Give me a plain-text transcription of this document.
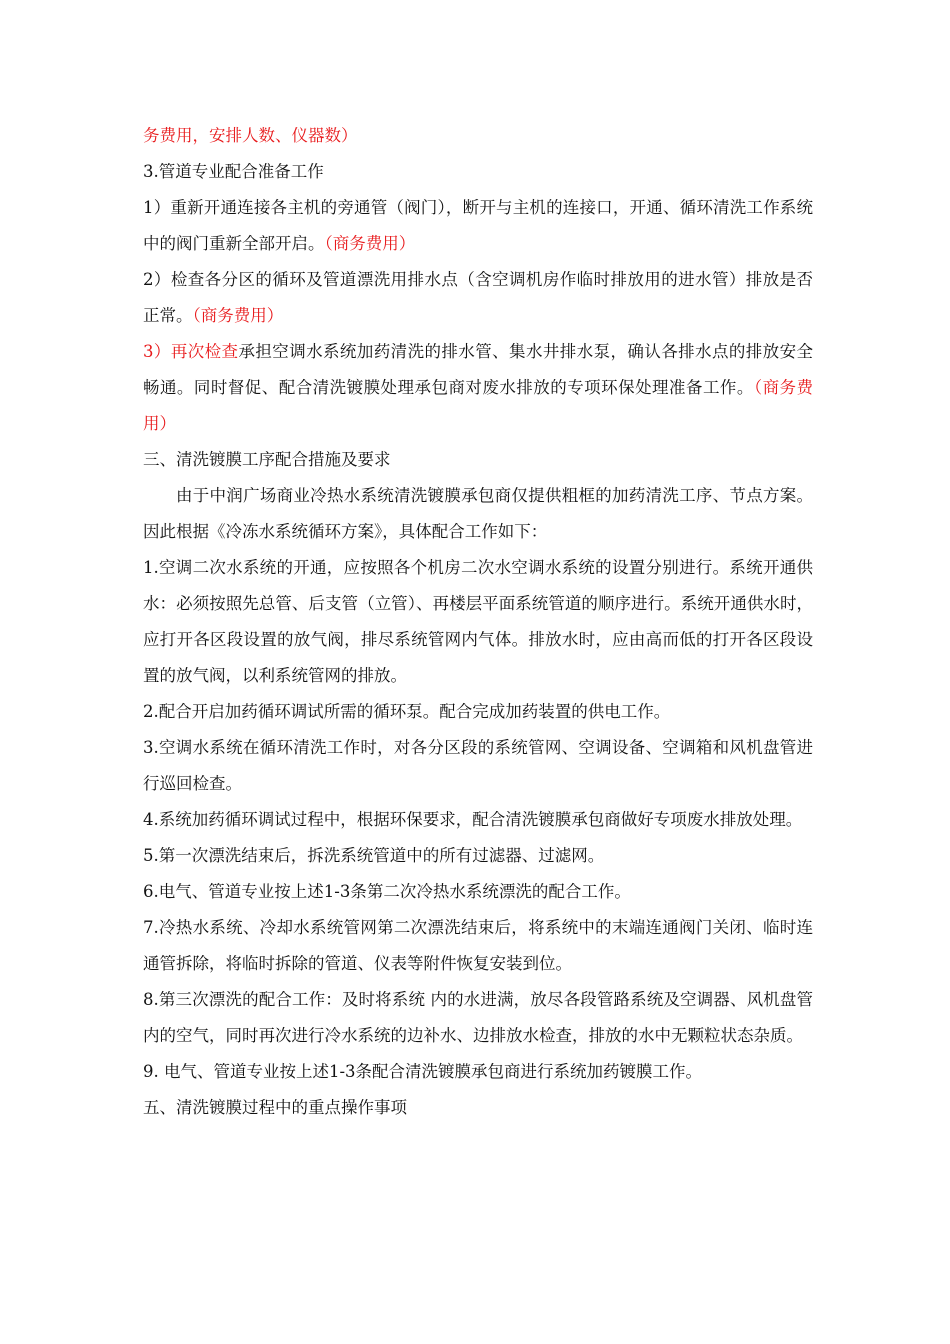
务费用，安排人数、仪器数）

3.管道专业配合准备工作

1）重新开通连接各主机的旁通管（阀门），断开与主机的连接口，开通、循环清洗工作系统中的阀门重新全部开启。（商务费用）

2）检查各分区的循环及管道漂洗用排水点（含空调机房作临时排放用的进水管）排放是否正常。（商务费用）

3）再次检查承担空调水系统加药清洗的排水管、集水井排水泵，确认各排水点的排放安全畅通。同时督促、配合清洗镀膜处理承包商对废水排放的专项环保处理准备工作。（商务费用）

三、清洗镀膜工序配合措施及要求

由于中润广场商业冷热水系统清洗镀膜承包商仅提供粗框的加药清洗工序、节点方案。因此根据《冷冻水系统循环方案》，具体配合工作如下：

1.空调二次水系统的开通，应按照各个机房二次水空调水系统的设置分别进行。系统开通供水：必须按照先总管、后支管（立管）、再楼层平面系统管道的顺序进行。系统开通供水时，应打开各区段设置的放气阀，排尽系统管网内气体。排放水时，应由高而低的打开各区段设置的放气阀，以利系统管网的排放。

2.配合开启加药循环调试所需的循环泵。配合完成加药装置的供电工作。

3.空调水系统在循环清洗工作时，对各分区段的系统管网、空调设备、空调箱和风机盘管进行巡回检查。

4.系统加药循环调试过程中，根据环保要求，配合清洗镀膜承包商做好专项废水排放处理。

5.第一次漂洗结束后，拆洗系统管道中的所有过滤器、过滤网。

6.电气、管道专业按上述1-3条第二次冷热水系统漂洗的配合工作。

7.冷热水系统、冷却水系统管网第二次漂洗结束后，将系统中的末端连通阀门关闭、临时连通管拆除，将临时拆除的管道、仪表等附件恢复安装到位。

8.第三次漂洗的配合工作：及时将系统 内的水进满，放尽各段管路系统及空调器、风机盘管内的空气，同时再次进行冷水系统的边补水、边排放水检查，排放的水中无颗粒状态杂质。

9. 电气、管道专业按上述1-3条配合清洗镀膜承包商进行系统加药镀膜工作。

五、清洗镀膜过程中的重点操作事项
